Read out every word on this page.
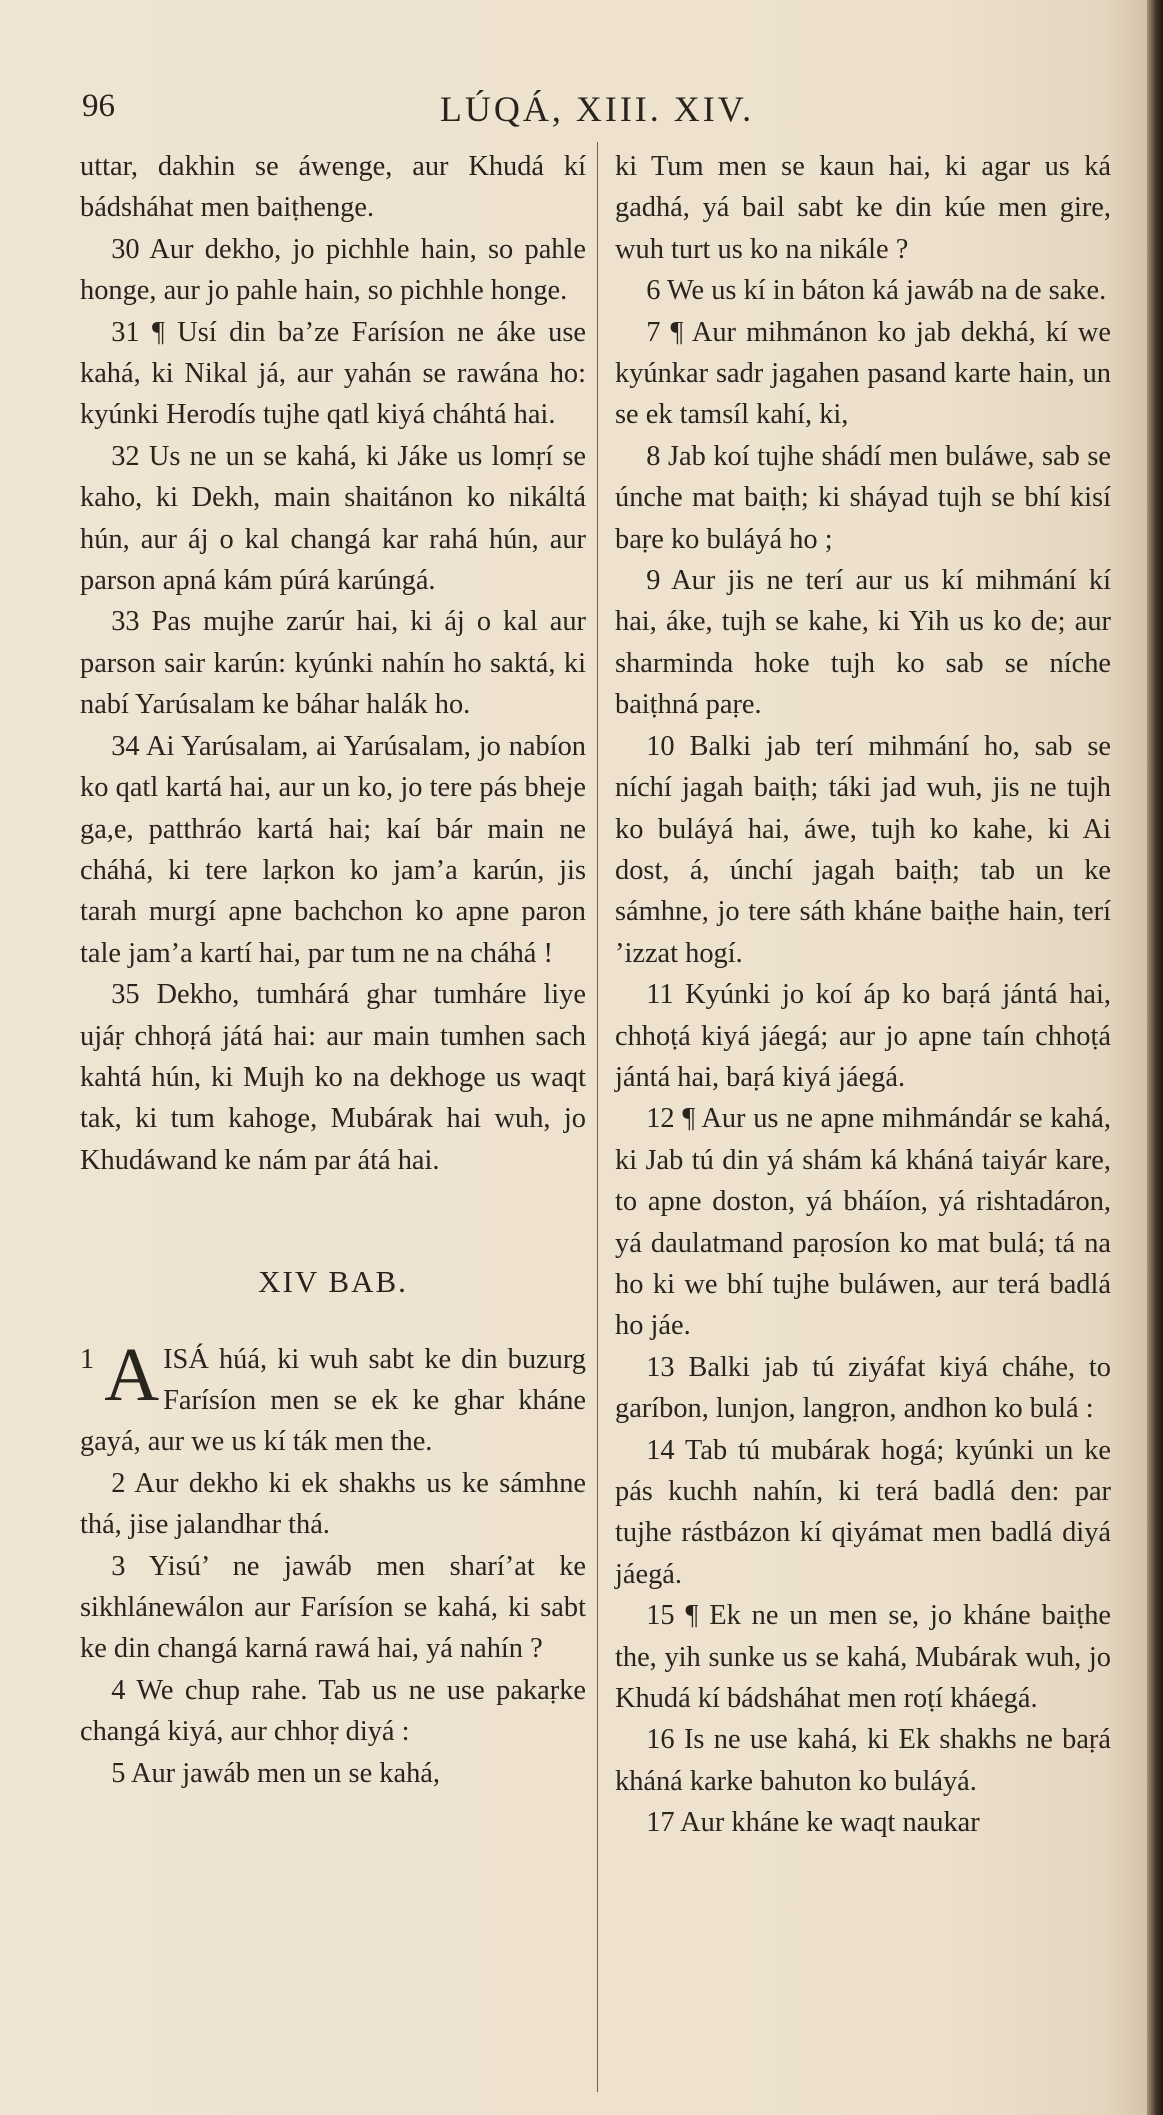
96	LÚQÁ, XIII. XIV.

uttar, dakhin se áwenge, aur Khudá kí bádsháhat men baiṭhenge.

30 Aur dekho, jo pichhle hain, so pahle honge, aur jo pahle hain, so pichhle honge.

31 ¶ Usí din ba’ze Farísíon ne áke use kahá, ki Nikal já, aur yahán se rawána ho: kyúnki Herodís tujhe qatl kiyá cháhtá hai.

32 Us ne un se kahá, ki Jáke us lomṛí se kaho, ki Dekh, main shaitánon ko nikáltá hún, aur áj o kal changá kar rahá hún, aur parson apná kám púrá karúngá.

33 Pas mujhe zarúr hai, ki áj o kal aur parson sair karún: kyúnki nahín ho saktá, ki nabí Yarúsalam ke báhar halák ho.

34 Ai Yarúsalam, ai Yarúsalam, jo nabíon ko qatl kartá hai, aur un ko, jo tere pás bheje ga,e, patthráo kartá hai; kaí bár main ne cháhá, ki tere laṛkon ko jam’a karún, jis tarah murgí apne bachchon ko apne paron tale jam’a kartí hai, par tum ne na cháhá !

35 Dekho, tumhárá ghar tumháre liye ujáṛ chhoṛá játá hai: aur main tumhen sach kahtá hún, ki Mujh ko na dekhoge us waqt tak, ki tum kahoge, Mubárak hai wuh, jo Khudáwand ke nám par átá hai.

XIV BAB.

1 A ISÁ húá, ki wuh sabt ke din buzurg Farísíon men se ek ke ghar kháne gayá, aur we us kí ták men the.

2 Aur dekho ki ek shakhs us ke sámhne thá, jise jalandhar thá.

3 Yisú’ ne jawáb men sharí’at ke sikhlánewálon aur Farísíon se kahá, ki sabt ke din changá karná rawá hai, yá nahín ?

4 We chup rahe. Tab us ne use pakaṛke changá kiyá, aur chhoṛ diyá :

5 Aur jawáb men un se kahá,

ki Tum men se kaun hai, ki agar us ká gadhá, yá bail sabt ke din kúe men gire, wuh turt us ko na nikále ?

6 We us kí in báton ká jawáb na de sake.

7 ¶ Aur mihmánon ko jab dekhá, kí we kyúnkar sadr jagahen pasand karte hain, un se ek tamsíl kahí, ki,

8 Jab koí tujhe shádí men buláwe, sab se únche mat baiṭh; ki sháyad tujh se bhí kisí baṛe ko buláyá ho ;

9 Aur jis ne terí aur us kí mihmání kí hai, áke, tujh se kahe, ki Yih us ko de; aur sharminda hoke tujh ko sab se níche baiṭhná paṛe.

10 Balki jab terí mihmání ho, sab se níchí jagah baiṭh; táki jad wuh, jis ne tujh ko buláyá hai, áwe, tujh ko kahe, ki Ai dost, á, únchí jagah baiṭh; tab un ke sámhne, jo tere sáth kháne baiṭhe hain, terí ’izzat hogí.

11 Kyúnki jo koí áp ko baṛá jántá hai, chhoṭá kiyá jáegá; aur jo apne taín chhoṭá jántá hai, baṛá kiyá jáegá.

12 ¶ Aur us ne apne mihmándár se kahá, ki Jab tú din yá shám ká kháná taiyár kare, to apne doston, yá bháíon, yá rishtadáron, yá daulatmand paṛosíon ko mat bulá; tá na ho ki we bhí tujhe buláwen, aur terá badlá ho jáe.

13 Balki jab tú ziyáfat kiyá cháhe, to garíbon, lunjon, langṛon, andhon ko bulá :

14 Tab tú mubárak hogá; kyúnki un ke pás kuchh nahín, ki terá badlá den: par tujhe rástbázon kí qiyámat men badlá diyá jáegá.

15 ¶ Ek ne un men se, jo kháne baiṭhe the, yih sunke us se kahá, Mubárak wuh, jo Khudá kí bádsháhat men roṭí kháegá.

16 Is ne use kahá, ki Ek shakhs ne baṛá kháná karke bahuton ko buláyá.

17 Aur kháne ke waqt naukar
